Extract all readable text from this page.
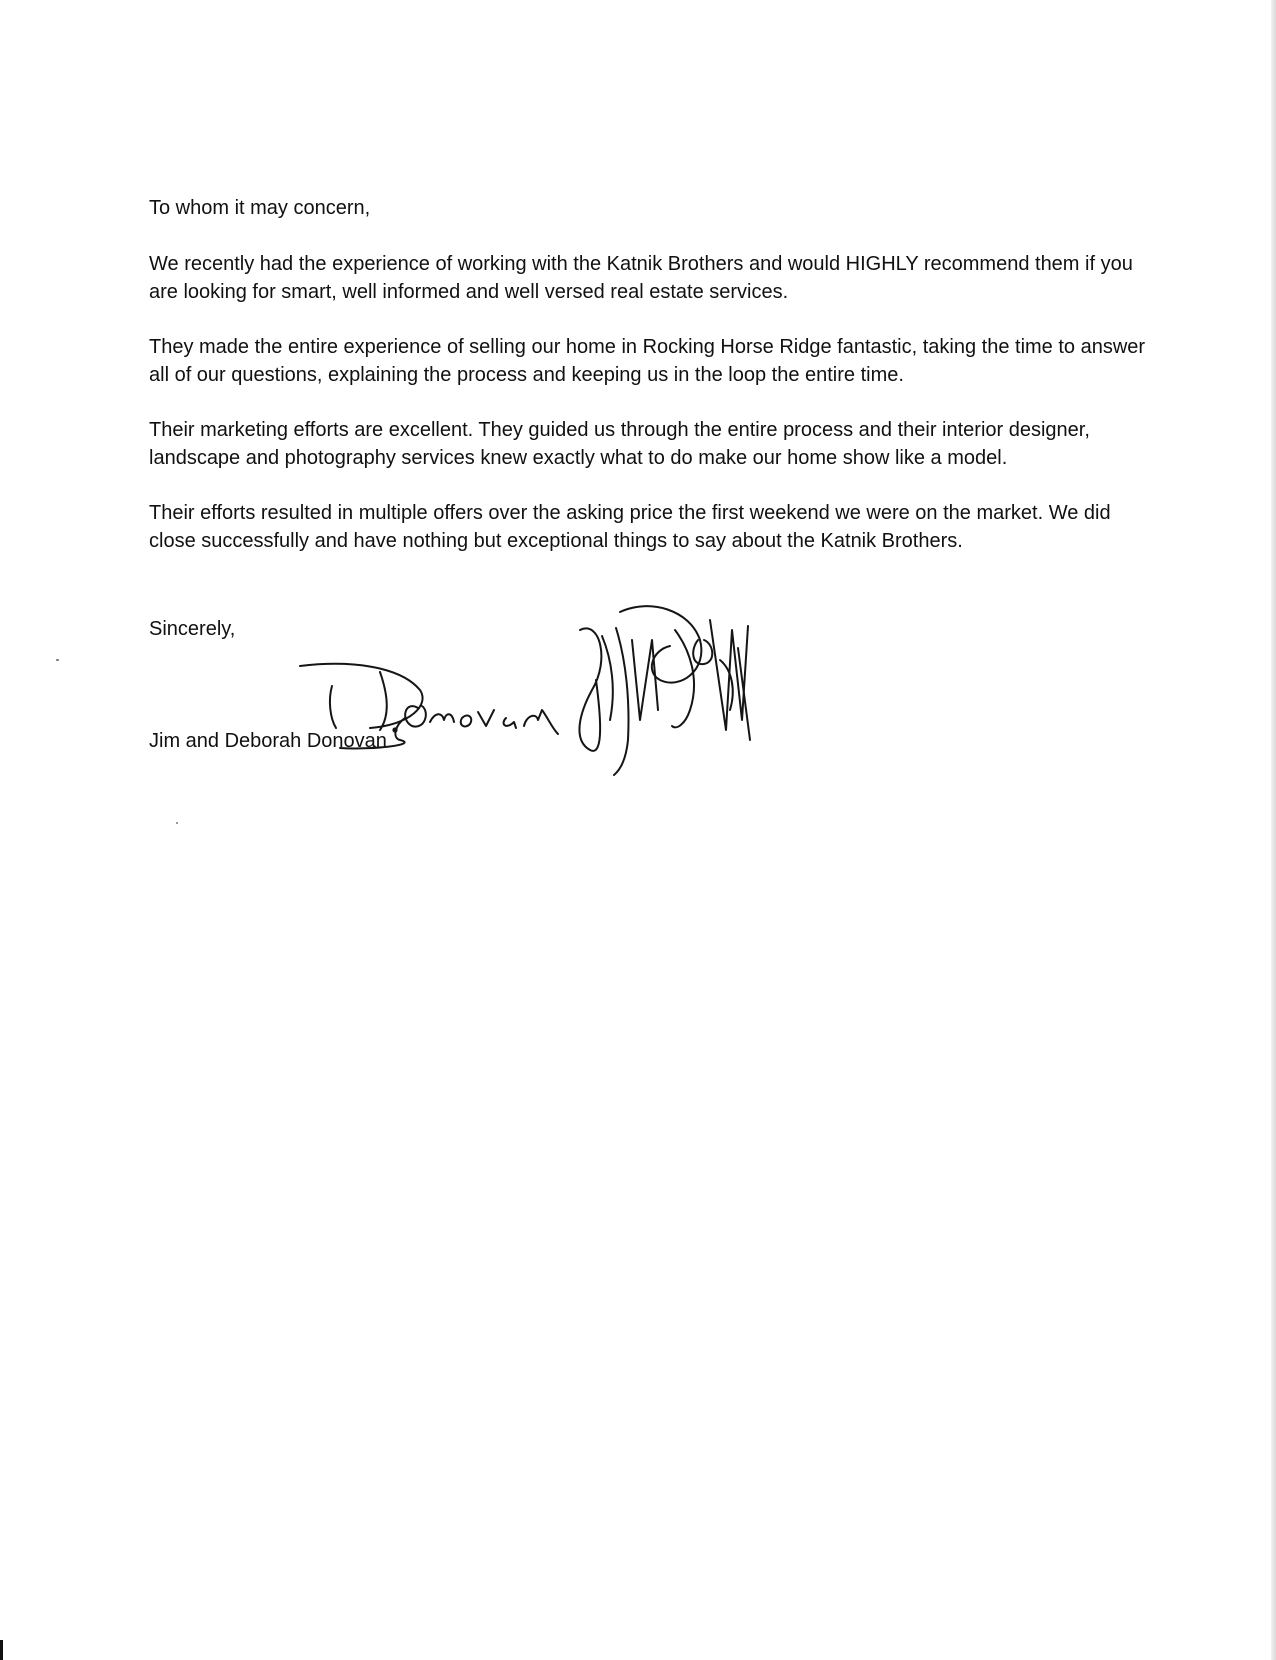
To whom it may concern,

We recently had the experience of working with the Katnik Brothers and would HIGHLY recommend them if you are looking for smart, well informed and well versed real estate services.

They made the entire experience of selling our home in Rocking Horse Ridge fantastic, taking the time to answer all of our questions, explaining the process and keeping us in the loop the entire time.

Their marketing efforts are excellent. They guided us through the entire process and their interior designer, landscape and photography services knew exactly what to do make our home show like a model.

Their efforts resulted in multiple offers over the asking price the first weekend we were on the market. We did close successfully and have nothing but exceptional things to say about the Katnik Brothers.

Sincerely,

Jim and Deborah Donovan
